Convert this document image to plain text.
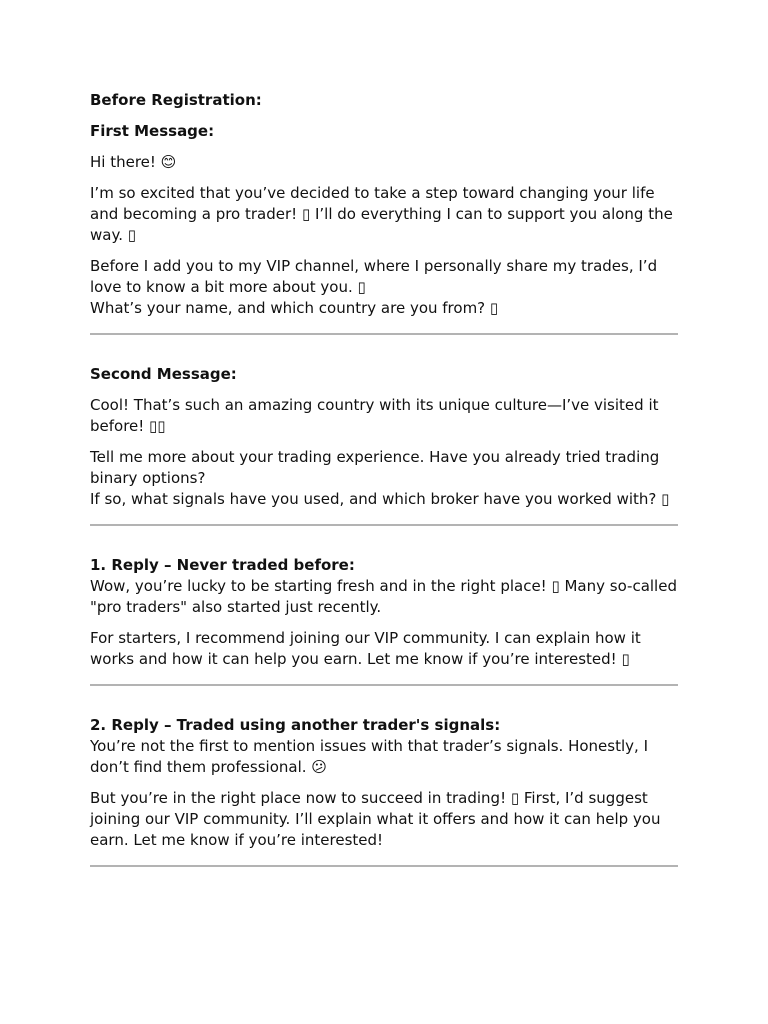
Before Registration:

First Message:

Hi there! 😊

I’m so excited that you’ve decided to take a step toward changing your life and becoming a pro trader! ▯ I’ll do everything I can to support you along the way. ▯

Before I add you to my VIP channel, where I personally share my trades, I’d love to know a bit more about you. ▯
What’s your name, and which country are you from? ▯

Second Message:

Cool! That’s such an amazing country with its unique culture—I’ve visited it before! ▯▯

Tell me more about your trading experience. Have you already tried trading binary options?
If so, what signals have you used, and which broker have you worked with? ▯

1. Reply – Never traded before:

Wow, you’re lucky to be starting fresh and in the right place! ▯ Many so-called "pro traders" also started just recently.

For starters, I recommend joining our VIP community. I can explain how it works and how it can help you earn. Let me know if you’re interested! ▯

2. Reply – Traded using another trader's signals:

You’re not the first to mention issues with that trader’s signals. Honestly, I don’t find them professional. 😕

But you’re in the right place now to succeed in trading! ▯ First, I’d suggest joining our VIP community. I’ll explain what it offers and how it can help you earn. Let me know if you’re interested!
